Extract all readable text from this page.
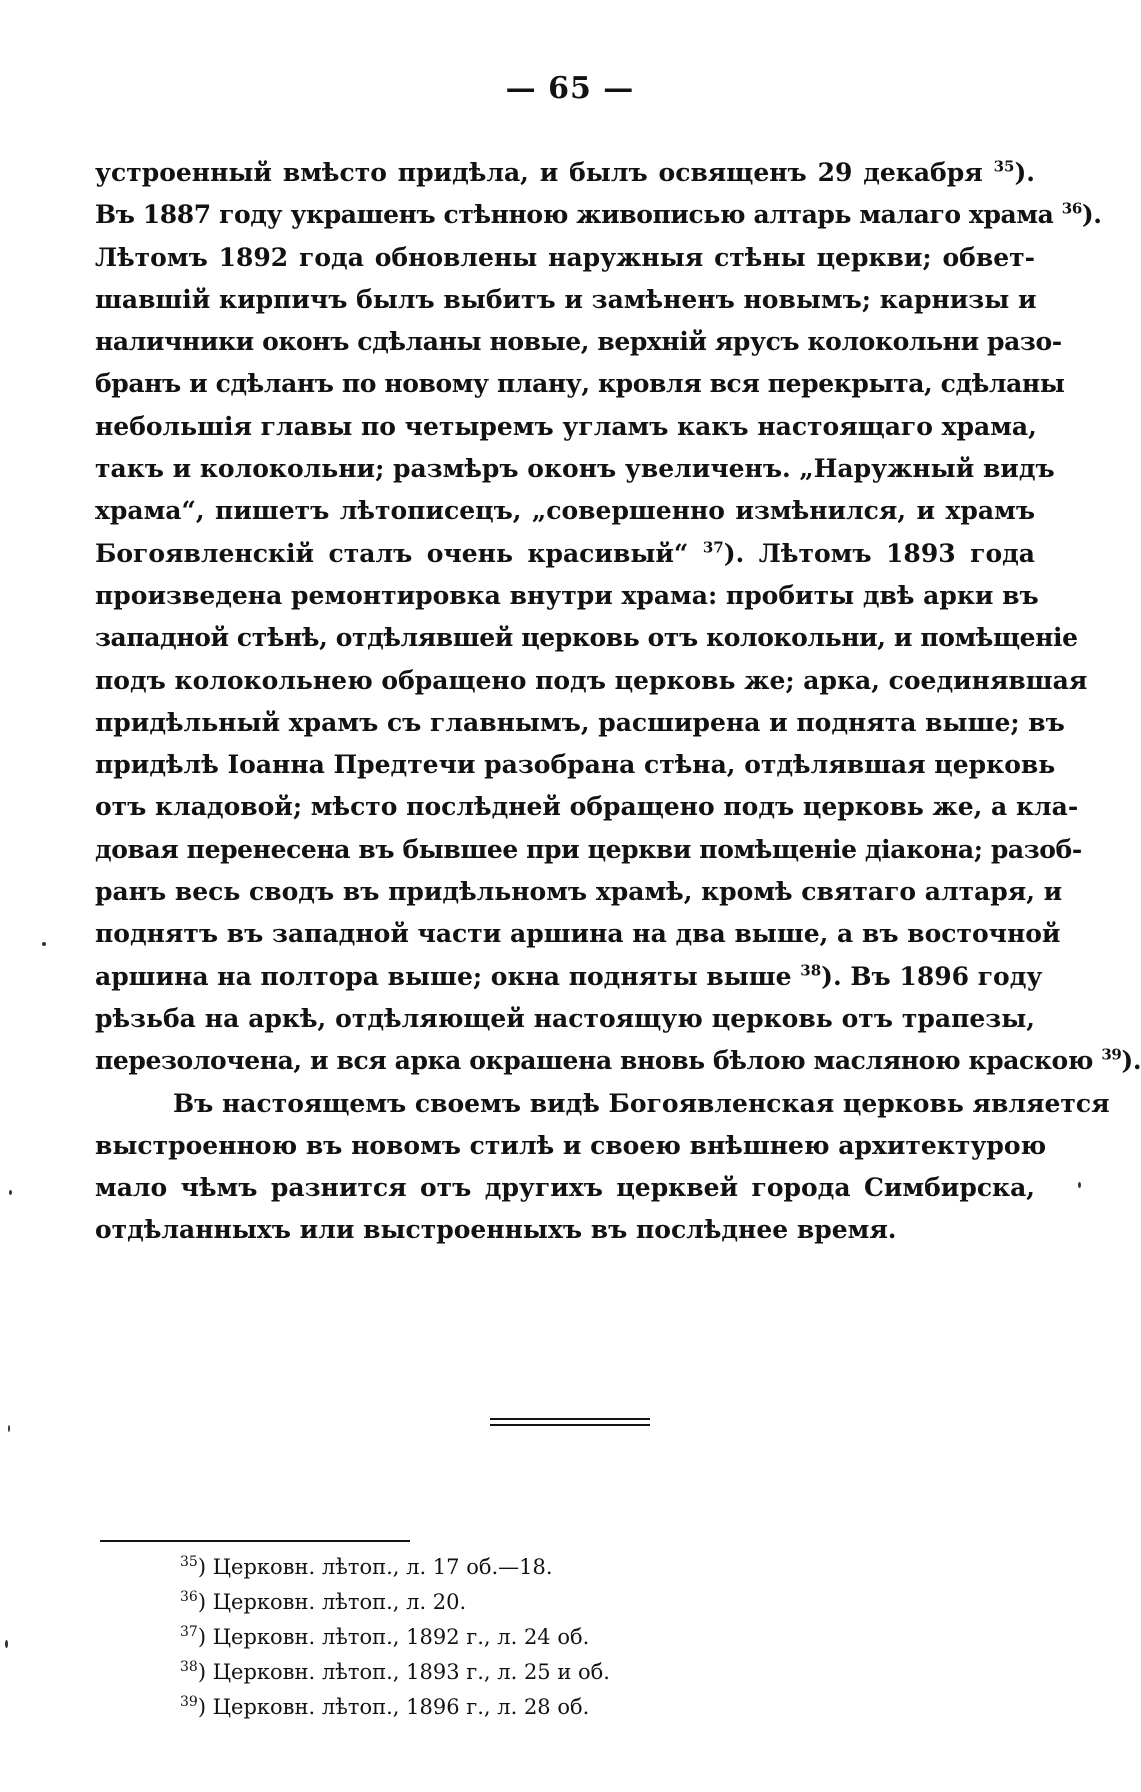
— 65 —
устроенный вмѣсто придѣла, и былъ освященъ 29 декабря $^{35}$).
Въ 1887 году украшенъ стѣнною живописью алтарь малаго храма $^{36}$).
Лѣтомъ 1892 года обновлены наружныя стѣны церкви; обвет-
шавшій кирпичъ былъ выбитъ и замѣненъ новымъ; карнизы и
наличники оконъ сдѣланы новые, верхній ярусъ колокольни разо-
бранъ и сдѣланъ по новому плану, кровля вся перекрыта, сдѣланы
небольшія главы по четыремъ угламъ какъ настоящаго храма,
такъ и колокольни; размѣръ оконъ увеличенъ. „Наружный видъ
храма“, пишетъ лѣтописецъ, „совершенно измѣнился, и храмъ
Богоявленскій сталъ очень красивый“ $^{37}$). Лѣтомъ 1893 года
произведена ремонтировка внутри храма: пробиты двѣ арки въ
западной стѣнѣ, отдѣлявшей церковь отъ колокольни, и помѣщеніе
подъ колокольнею обращено подъ церковь же; арка, соединявшая
придѣльный храмъ съ главнымъ, расширена и поднята выше; въ
придѣлѣ Іоанна Предтечи разобрана стѣна, отдѣлявшая церковь
отъ кладовой; мѣсто послѣдней обращено подъ церковь же, а кла-
довая перенесена въ бывшее при церкви помѣщеніе діакона; разоб-
ранъ весь сводъ въ придѣльномъ храмѣ, кромѣ святаго алтаря, и
поднятъ въ западной части аршина на два выше, а въ восточной
аршина на полтора выше; окна подняты выше $^{38}$). Въ 1896 году
рѣзьба на аркѣ, отдѣляющей настоящую церковь отъ трапезы,
перезолочена, и вся арка окрашена вновь бѣлою масляною краскою $^{39}$).
Въ настоящемъ своемъ видѣ Богоявленская церковь является
выстроенною въ новомъ стилѣ и своею внѣшнею архитектурою
мало чѣмъ разнится отъ другихъ церквей города Симбирска,
отдѣланныхъ или выстроенныхъ въ послѣднее время.
$^{35}$) Церковн. лѣтоп., л. 17 об.—18.
$^{36}$) Церковн. лѣтоп., л. 20.
$^{37}$) Церковн. лѣтоп., 1892 г., л. 24 об.
$^{38}$) Церковн. лѣтоп., 1893 г., л. 25 и об.
$^{39}$) Церковн. лѣтоп., 1896 г., л. 28 об.
